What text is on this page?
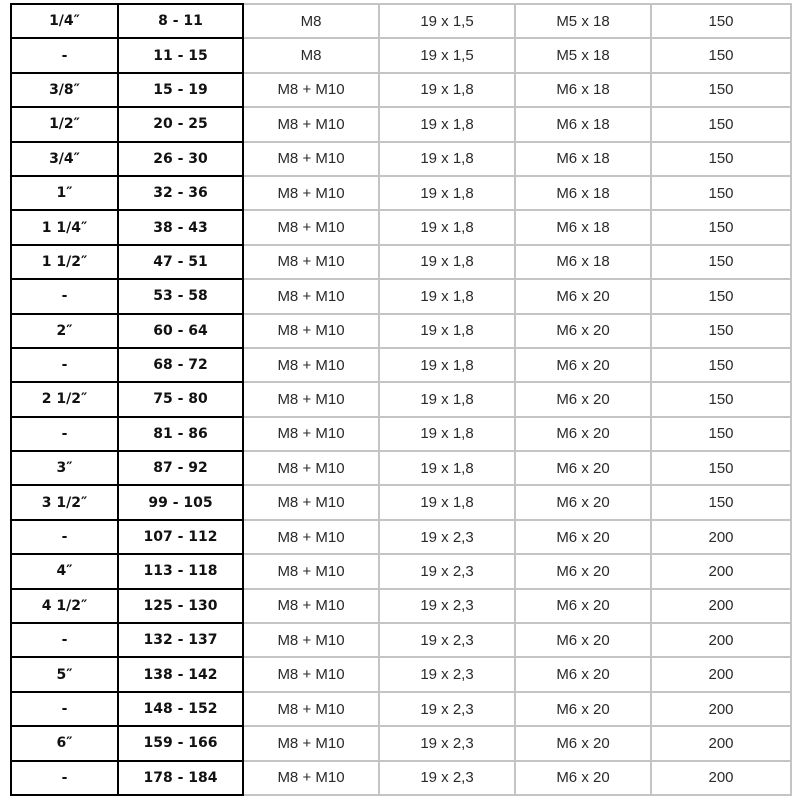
1/4″	8 - 11	M8	19 x 1,5	M5 x 18	150
-	11 - 15	M8	19 x 1,5	M5 x 18	150
3/8″	15 - 19	M8 + M10	19 x 1,8	M6 x 18	150
1/2″	20 - 25	M8 + M10	19 x 1,8	M6 x 18	150
3/4″	26 - 30	M8 + M10	19 x 1,8	M6 x 18	150
1″	32 - 36	M8 + M10	19 x 1,8	M6 x 18	150
1 1/4″	38 - 43	M8 + M10	19 x 1,8	M6 x 18	150
1 1/2″	47 - 51	M8 + M10	19 x 1,8	M6 x 18	150
-	53 - 58	M8 + M10	19 x 1,8	M6 x 20	150
2″	60 - 64	M8 + M10	19 x 1,8	M6 x 20	150
-	68 - 72	M8 + M10	19 x 1,8	M6 x 20	150
2 1/2″	75 - 80	M8 + M10	19 x 1,8	M6 x 20	150
-	81 - 86	M8 + M10	19 x 1,8	M6 x 20	150
3″	87 - 92	M8 + M10	19 x 1,8	M6 x 20	150
3 1/2″	99 - 105	M8 + M10	19 x 1,8	M6 x 20	150
-	107 - 112	M8 + M10	19 x 2,3	M6 x 20	200
4″	113 - 118	M8 + M10	19 x 2,3	M6 x 20	200
4 1/2″	125 - 130	M8 + M10	19 x 2,3	M6 x 20	200
-	132 - 137	M8 + M10	19 x 2,3	M6 x 20	200
5″	138 - 142	M8 + M10	19 x 2,3	M6 x 20	200
-	148 - 152	M8 + M10	19 x 2,3	M6 x 20	200
6″	159 - 166	M8 + M10	19 x 2,3	M6 x 20	200
-	178 - 184	M8 + M10	19 x 2,3	M6 x 20	200
